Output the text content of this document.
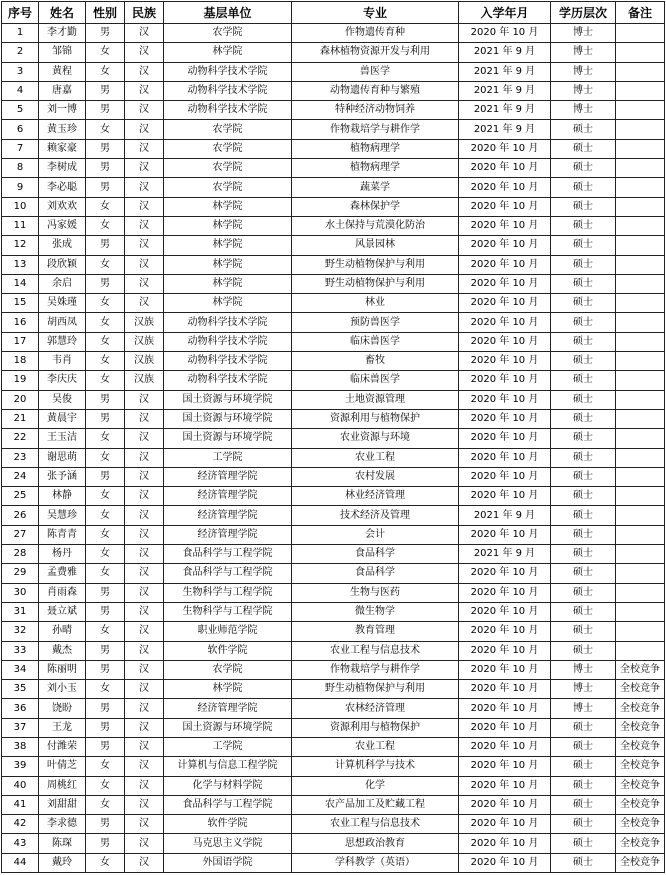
序号	姓名	性别	民族	基层单位	专业	入学年月	学历层次	备注
1	李才勤	男	汉	农学院	作物遗传育种	2020 年 10 月	博士	
2	邹锦	女	汉	林学院	森林植物资源开发与利用	2021 年 9 月	博士	
3	黄程	女	汉	动物科学技术学院	兽医学	2021 年 9 月	博士	
4	唐嘉	男	汉	动物科学技术学院	动物遗传育种与繁殖	2021 年 9 月	博士	
5	刘一博	男	汉	动物科学技术学院	特种经济动物饲养	2021 年 9 月	博士	
6	黄玉珍	女	汉	农学院	作物栽培学与耕作学	2021 年 9 月	硕士	
7	赖家豪	男	汉	农学院	植物病理学	2020 年 10 月	硕士	
8	李树成	男	汉	农学院	植物病理学	2020 年 10 月	硕士	
9	李必聪	男	汉	农学院	蔬菜学	2020 年 10 月	硕士	
10	刘欢欢	女	汉	林学院	森林保护学	2020 年 10 月	硕士	
11	冯家媛	女	汉	林学院	水土保持与荒漠化防治	2020 年 10 月	硕士	
12	张成	男	汉	林学院	风景园林	2020 年 10 月	硕士	
13	段欣颖	女	汉	林学院	野生动植物保护与利用	2020 年 10 月	硕士	
14	余启	男	汉	林学院	野生动植物保护与利用	2020 年 10 月	硕士	
15	吴姝瑾	女	汉	林学院	林业	2020 年 10 月	硕士	
16	胡西凤	女	汉族	动物科学技术学院	预防兽医学	2020 年 10 月	硕士	
17	郭慧玲	女	汉族	动物科学技术学院	临床兽医学	2020 年 10 月	硕士	
18	韦肖	女	汉族	动物科学技术学院	畜牧	2020 年 10 月	硕士	
19	李庆庆	女	汉族	动物科学技术学院	临床兽医学	2020 年 10 月	硕士	
20	吴俊	男	汉	国土资源与环境学院	土地资源管理	2020 年 10 月	硕士	
21	黄晨宇	男	汉	国土资源与环境学院	资源利用与植物保护	2020 年 10 月	硕士	
22	王玉洁	女	汉	国土资源与环境学院	农业资源与环境	2020 年 10 月	硕士	
23	谢思萌	女	汉	工学院	农业工程	2020 年 10 月	硕士	
24	张予涵	男	汉	经济管理学院	农村发展	2020 年 10 月	硕士	
25	林静	女	汉	经济管理学院	林业经济管理	2020 年 10 月	硕士	
26	吴慧珍	女	汉	经济管理学院	技术经济及管理	2021 年 9 月	硕士	
27	陈青青	女	汉	经济管理学院	会计	2020 年 10 月	硕士	
28	杨丹	女	汉	食品科学与工程学院	食品科学	2021 年 9 月	硕士	
29	孟费雅	女	汉	食品科学与工程学院	食品科学	2020 年 10 月	硕士	
30	肖雨森	男	汉	生物科学与工程学院	生物与医药	2020 年 10 月	硕士	
31	聂立斌	男	汉	生物科学与工程学院	微生物学	2020 年 10 月	硕士	
32	孙晴	女	汉	职业师范学院	教育管理	2020 年 10 月	硕士	
33	戴杰	男	汉	软件学院	农业工程与信息技术	2020 年 10 月	硕士	
34	陈丽明	男	汉	农学院	作物栽培学与耕作学	2020 年 10 月	博士	全校竞争
35	刘小玉	女	汉	林学院	野生动植物保护与利用	2020 年 10 月	博士	全校竞争
36	饶盼	男	汉	经济管理学院	农林经济管理	2020 年 10 月	博士	全校竞争
37	王龙	男	汉	国土资源与环境学院	资源利用与植物保护	2020 年 10 月	硕士	全校竞争
38	付潍荣	男	汉	工学院	农业工程	2020 年 10 月	硕士	全校竞争
39	叶倩芝	女	汉	计算机与信息工程学院	计算机科学与技术	2020 年 10 月	硕士	全校竞争
40	周桃红	女	汉	化学与材料学院	化学	2020 年 10 月	硕士	全校竞争
41	刘甜甜	女	汉	食品科学与工程学院	农产品加工及贮藏工程	2020 年 10 月	硕士	全校竞争
42	李求德	男	汉	软件学院	农业工程与信息技术	2020 年 10 月	硕士	全校竞争
43	陈琛	男	汉	马克思主义学院	思想政治教育	2020 年 10 月	硕士	全校竞争
44	戴玲	女	汉	外国语学院	学科教学（英语）	2020 年 10 月	硕士	全校竞争
